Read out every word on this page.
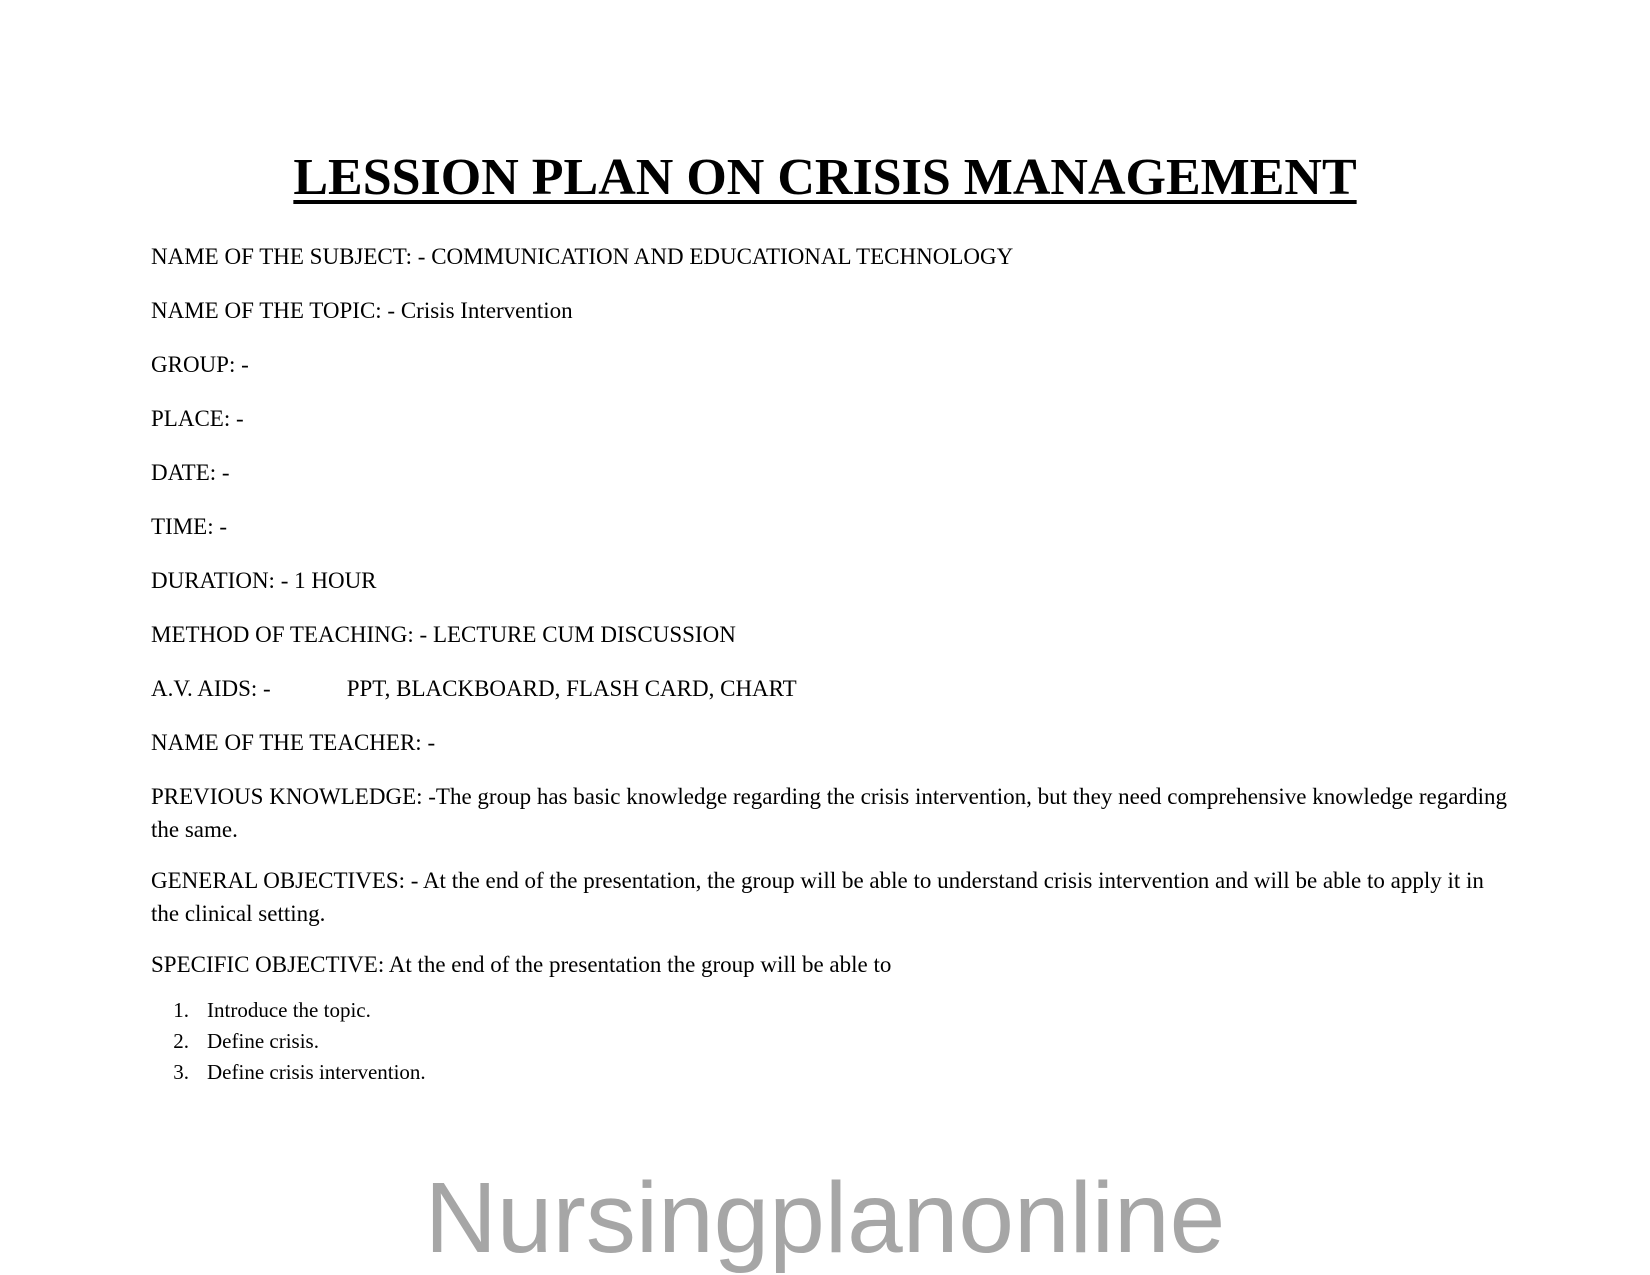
LESSION PLAN ON CRISIS MANAGEMENT

NAME OF THE SUBJECT: - COMMUNICATION AND EDUCATIONAL TECHNOLOGY

NAME OF THE TOPIC: - Crisis Intervention

GROUP: -

PLACE: -

DATE: -

TIME: -

DURATION: - 1 HOUR

METHOD OF TEACHING: - LECTURE CUM DISCUSSION

A.V. AIDS: -	PPT, BLACKBOARD, FLASH CARD, CHART

NAME OF THE TEACHER: -

PREVIOUS KNOWLEDGE: -The group has basic knowledge regarding the crisis intervention, but they need comprehensive knowledge regarding the same.

GENERAL OBJECTIVES: - At the end of the presentation, the group will be able to understand crisis intervention and will be able to apply it in the clinical setting.

SPECIFIC OBJECTIVE: At the end of the presentation the group will be able to

1. Introduce the topic.
2. Define crisis.
3. Define crisis intervention.

Nursingplanonline
